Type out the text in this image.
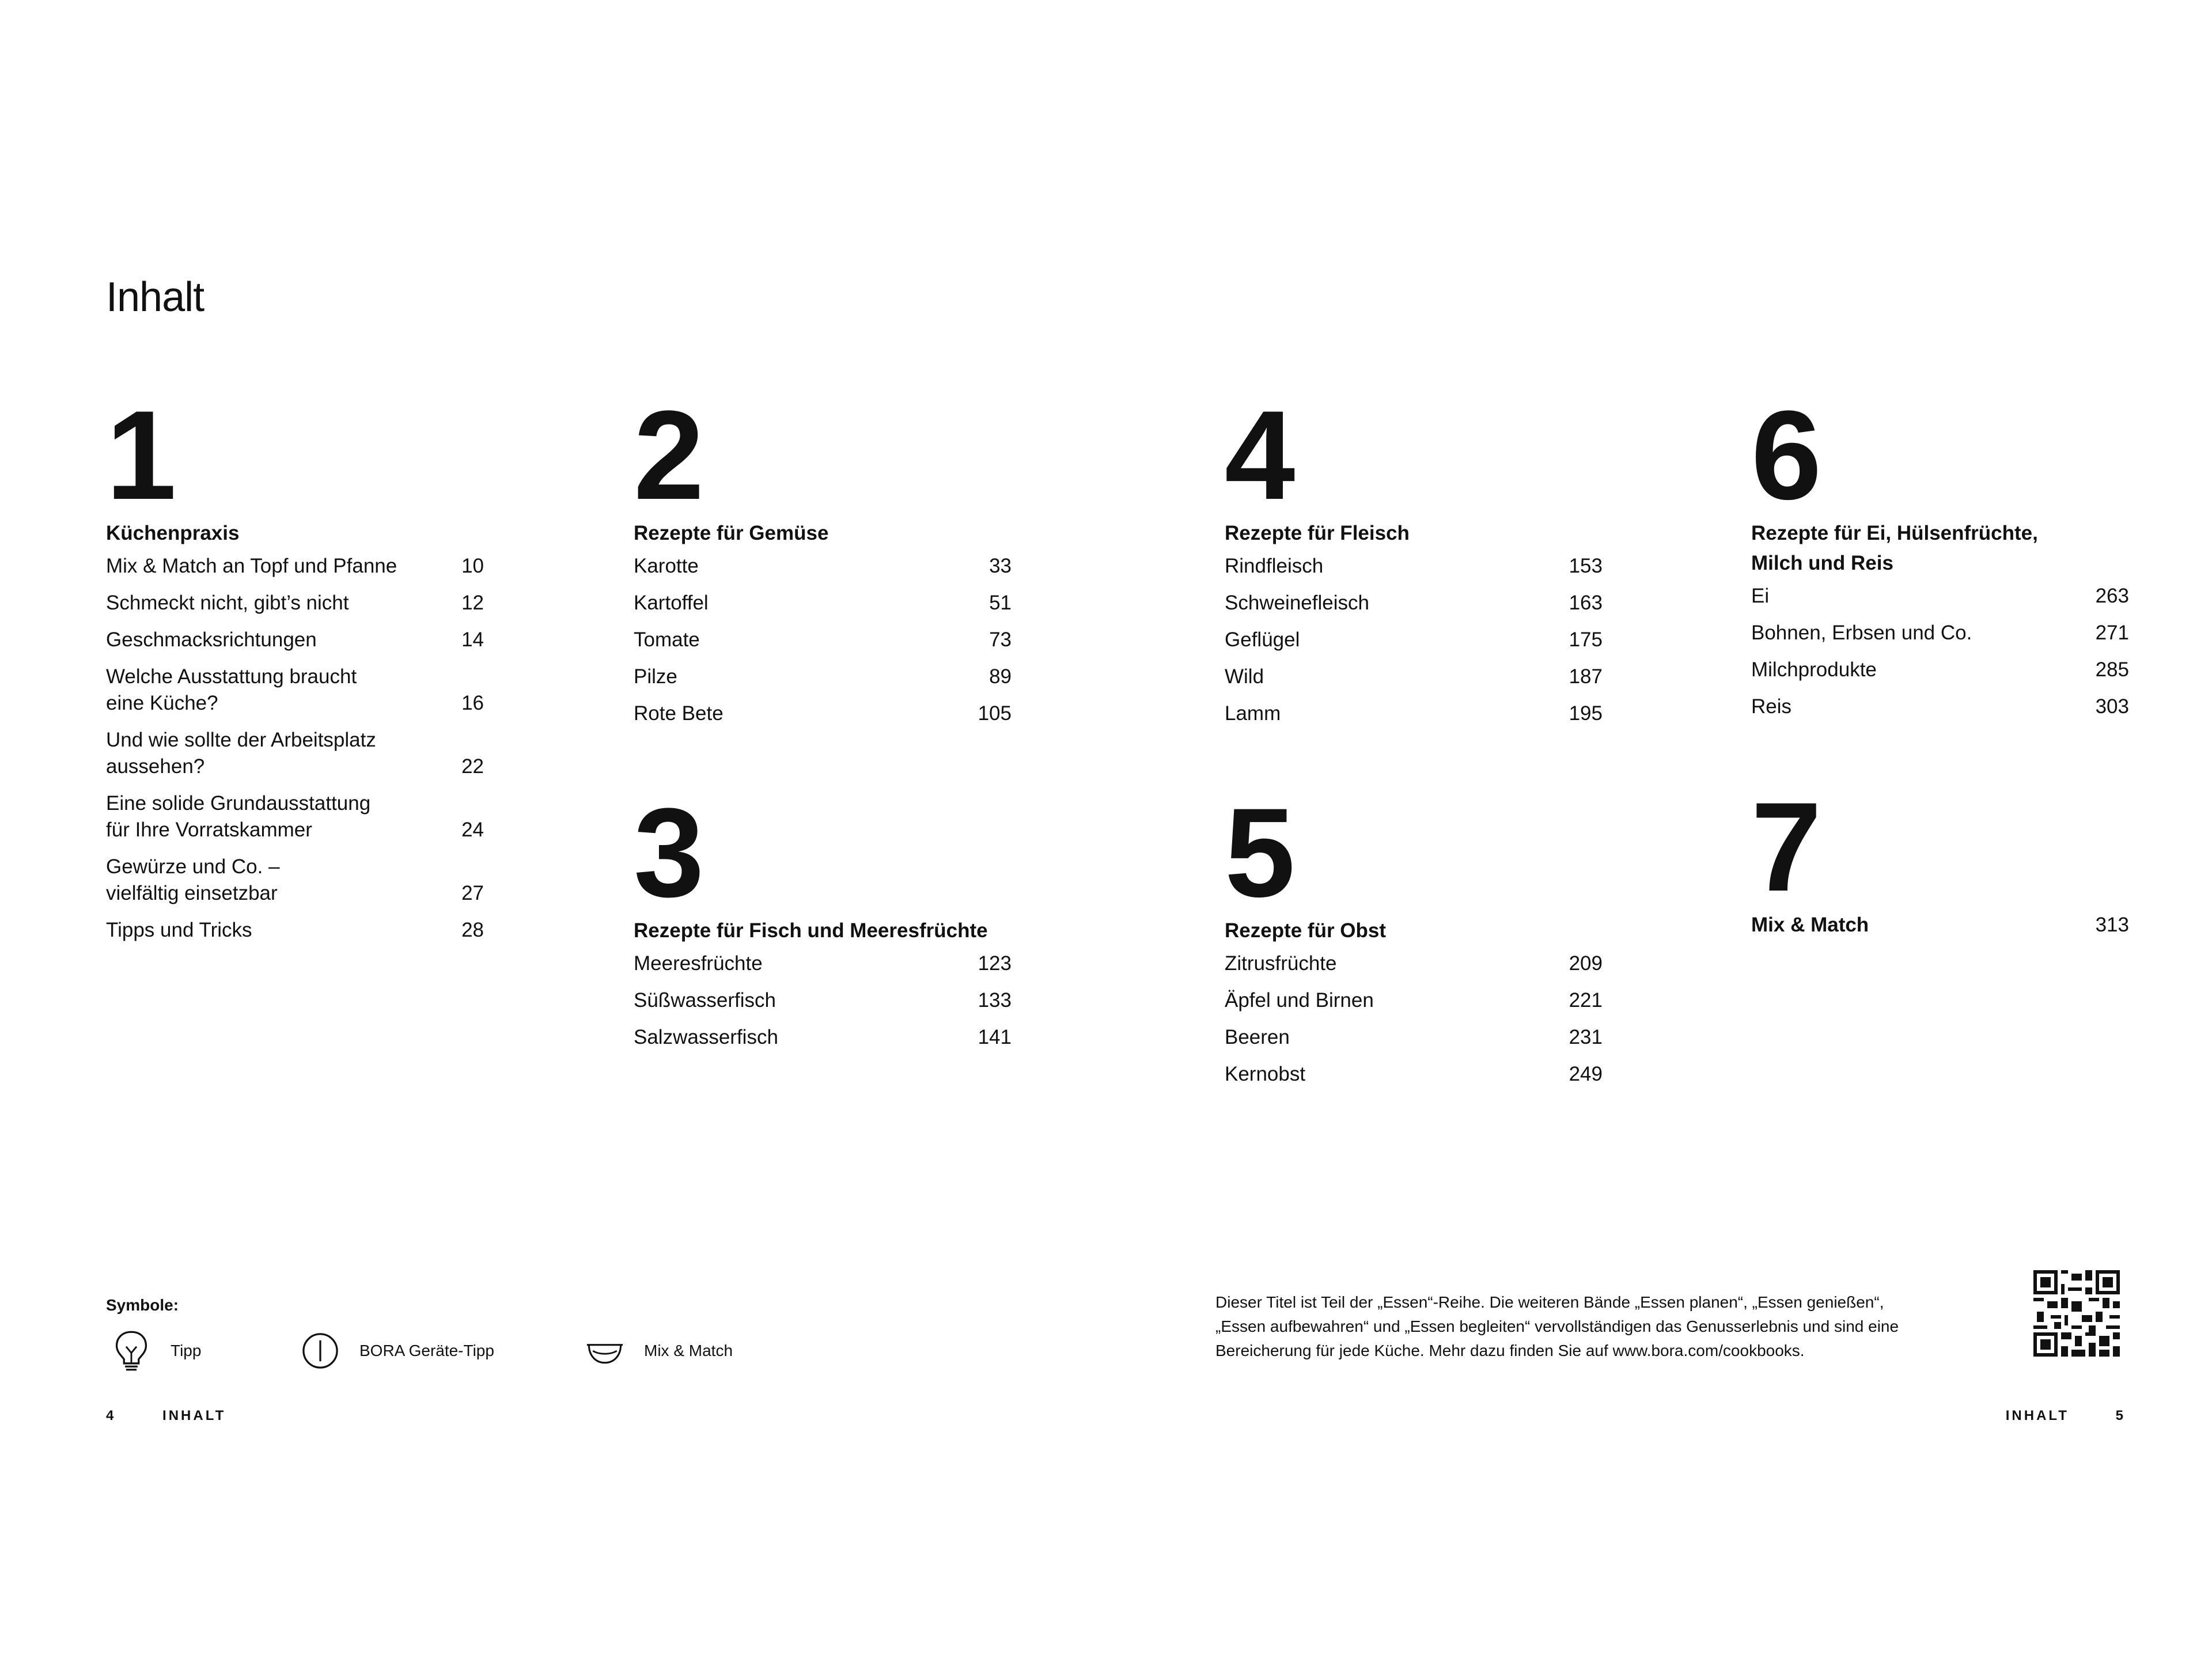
Inhalt
1
Küchenpraxis
Mix & Match an Topf und Pfanne	10
Schmeckt nicht, gibt’s nicht	12
Geschmacksrichtungen	14
Welche Ausstattung braucht
eine Küche?	16
Und wie sollte der Arbeitsplatz
aussehen?	22
Eine solide Grundausstattung
für Ihre Vorratskammer	24
Gewürze und Co. –
vielfältig einsetzbar	27
Tipps und Tricks	28
2
Rezepte für Gemüse
Karotte	33
Kartoffel	51
Tomate	73
Pilze	89
Rote Bete	105
3
Rezepte für Fisch und Meeresfrüchte
Meeresfrüchte	123
Süßwasserfisch	133
Salzwasserfisch	141
4
Rezepte für Fleisch
Rindfleisch	153
Schweinefleisch	163
Geflügel	175
Wild	187
Lamm	195
5
Rezepte für Obst
Zitrusfrüchte	209
Äpfel und Birnen	221
Beeren	231
Kernobst	249
6
Rezepte für Ei, Hülsenfrüchte,
Milch und Reis
Ei	263
Bohnen, Erbsen und Co.	271
Milchprodukte	285
Reis	303
7
Mix & Match	313
Symbole:
Tipp	BORA Geräte-Tipp	Mix & Match
Dieser Titel ist Teil der „Essen“-Reihe. Die weiteren Bände „Essen planen“, „Essen genießen“, „Essen aufbewahren“ und „Essen begleiten“ vervollständigen das Genusserlebnis und sind eine Bereicherung für jede Küche. Mehr dazu finden Sie auf www.bora.com/cookbooks.
4	INHALT	INHALT	5
